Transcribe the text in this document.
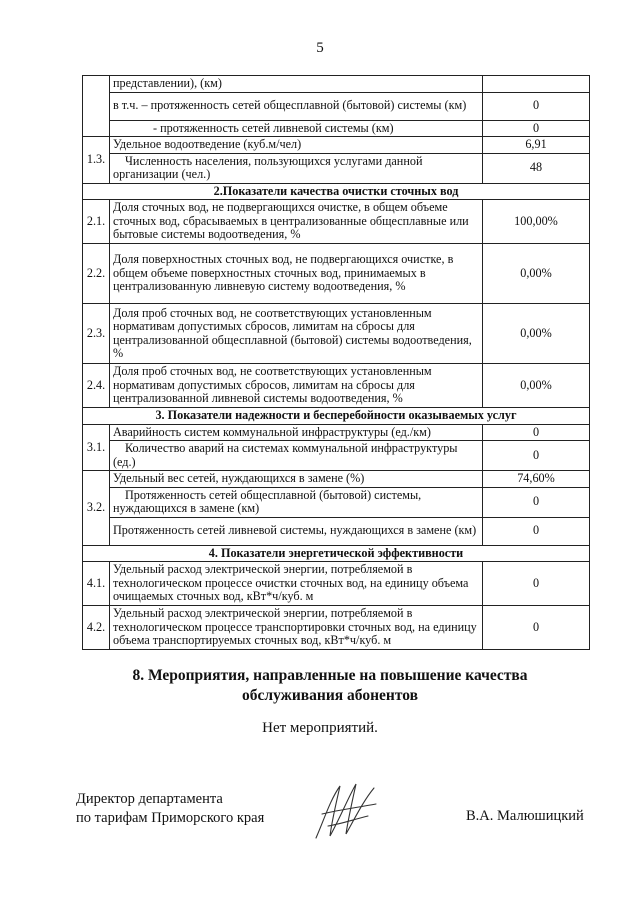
5
	представлении), (км)	
	в т.ч. – протяженность сетей общесплавной (бытовой) системы (км)	0
	- протяженность сетей ливневой системы (км)	0
1.3.	Удельное водоотведение (куб.м/чел)	6,91
	Численность населения, пользующихся услугами данной организации (чел.)	48
2.Показатели качества очистки сточных вод		
2.1.	Доля сточных вод, не подвергающихся очистке, в общем объеме сточных вод, сбрасываемых в централизованные общесплавные или бытовые системы водоотведения, %	100,00%
2.2.	Доля поверхностных сточных вод, не подвергающихся очистке, в общем объеме поверхностных сточных вод, принимаемых в централизованную ливневую систему водоотведения, %	0,00%
2.3.	Доля проб сточных вод, не соответствующих установленным нормативам допустимых сбросов, лимитам на сбросы для централизованной общесплавной (бытовой) системы водоотведения, %	0,00%
2.4.	Доля проб сточных вод, не соответствующих установленным нормативам допустимых сбросов, лимитам на сбросы для централизованной ливневой системы водоотведения, %	0,00%
3. Показатели надежности и бесперебойности оказываемых услуг		
3.1.	Аварийность систем коммунальной инфраструктуры (ед./км)	0
	Количество аварий на системах коммунальной инфраструктуры (ед.)	0
3.2.	Удельный вес сетей, нуждающихся в замене (%)	74,60%
	Протяженность сетей общесплавной (бытовой) системы, нуждающихся в замене (км)	0
	Протяженность сетей ливневой системы, нуждающихся в замене (км)	0
4. Показатели энергетической эффективности		
4.1.	Удельный расход электрической энергии, потребляемой в технологическом процессе очистки сточных вод, на единицу объема очищаемых сточных вод, кВт*ч/куб. м	0
4.2.	Удельный расход электрической энергии, потребляемой в технологическом процессе транспортировки сточных вод, на единицу объема транспортируемых сточных вод, кВт*ч/куб. м	0
8. Мероприятия, направленные на повышение качества
обслуживания абонентов
Нет мероприятий.
Директор департамента
по тарифам Приморского края	В.А. Малюшицкий
